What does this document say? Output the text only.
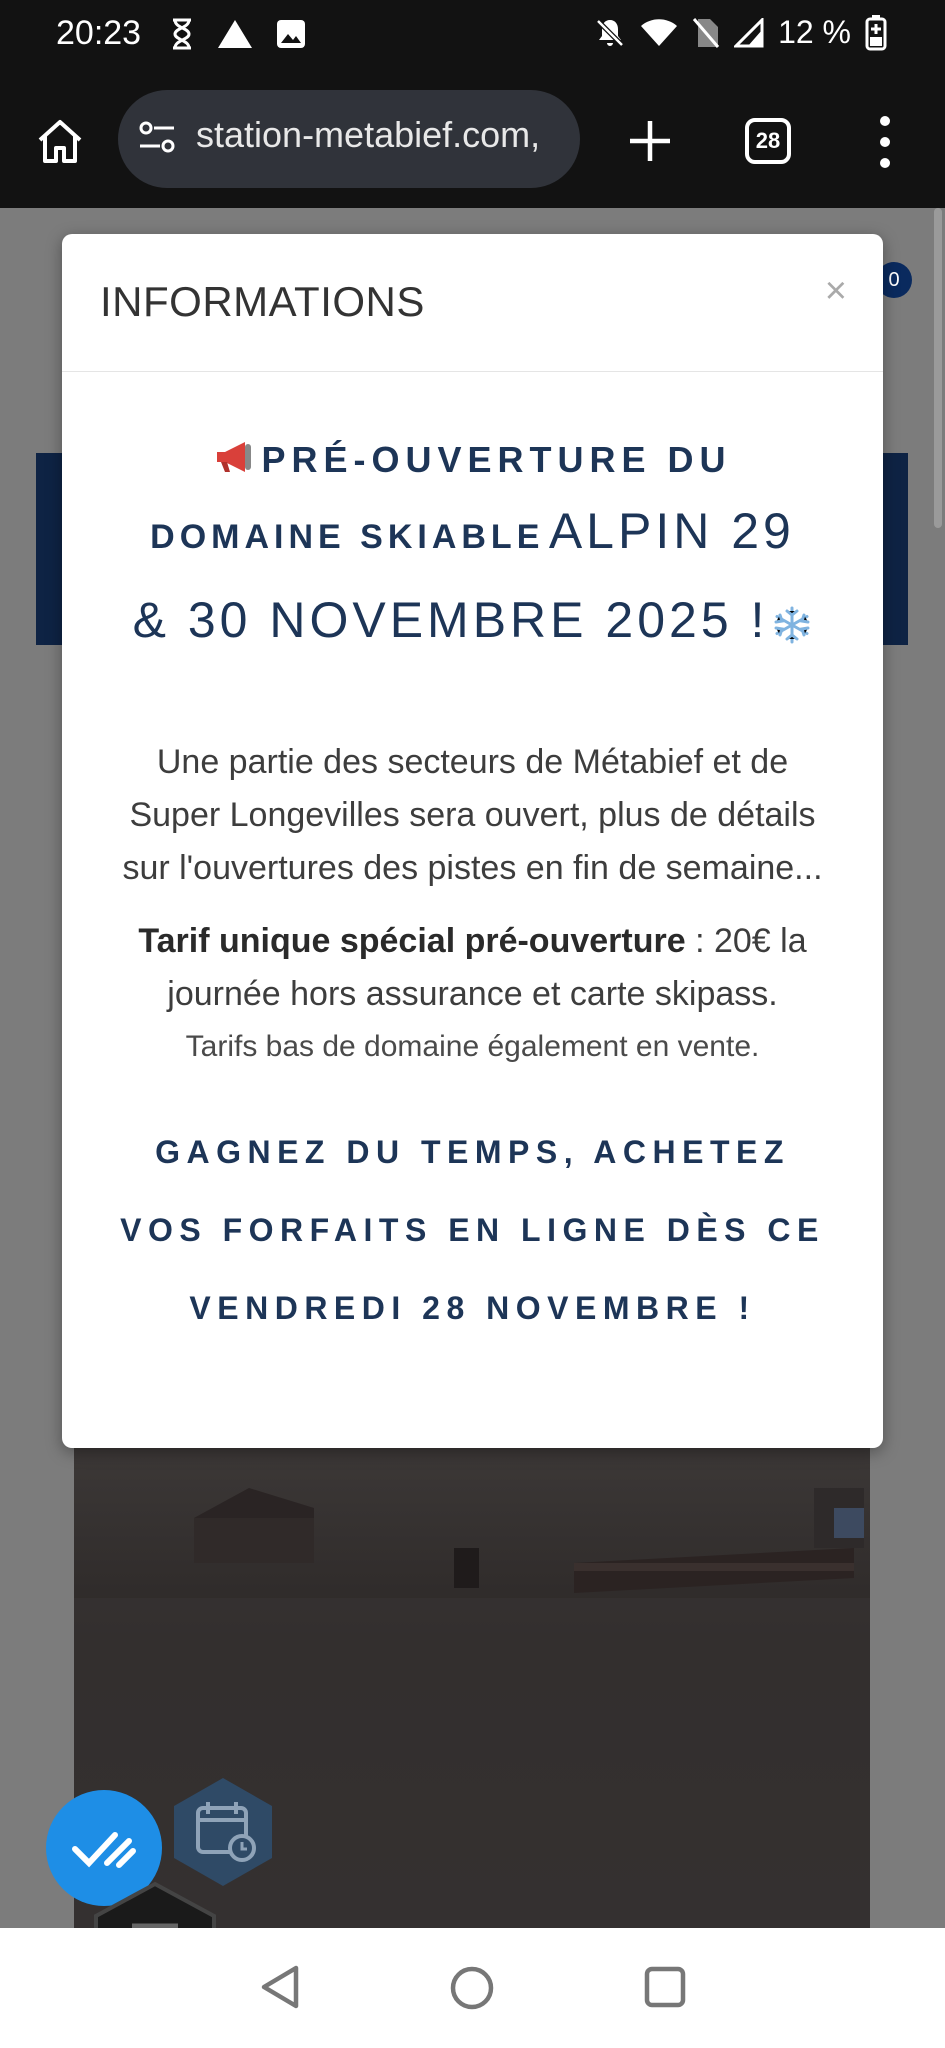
20:23	12 %
station-metabief.com,	28
0
INFORMATIONS	×
PRÉ-OUVERTURE DU
DOMAINE SKIABLE ALPIN 29
& 30 NOVEMBRE 2025 !

Une partie des secteurs de Métabief et de Super Longevilles sera ouvert, plus de détails sur l'ouvertures des pistes en fin de semaine...

Tarif unique spécial pré-ouverture : 20€ la journée hors assurance et carte skipass.

Tarifs bas de domaine également en vente.

GAGNEZ DU TEMPS, ACHETEZ VOS FORFAITS EN LIGNE DÈS CE VENDREDI 28 NOVEMBRE !
